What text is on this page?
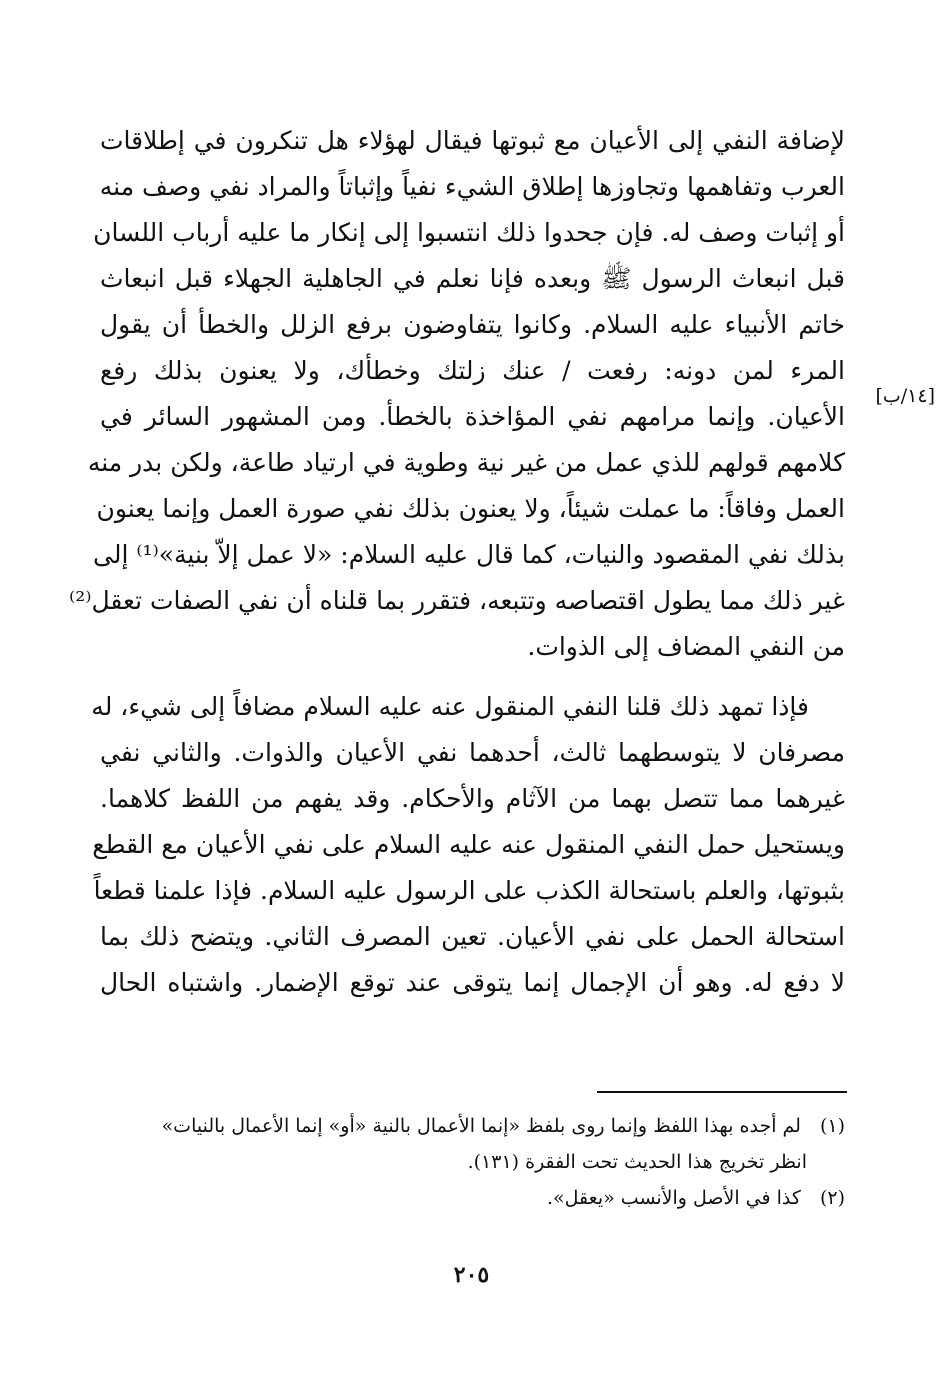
لإضافة النفي إلى الأعيان مع ثبوتها فيقال لهؤلاء هل تنكرون في إطلاقات
العرب وتفاهمها وتجاوزها إطلاق الشيء نفياً وإثباتاً والمراد نفي وصف منه
أو إثبات وصف له. فإن جحدوا ذلك انتسبوا إلى إنكار ما عليه أرباب اللسان
قبل انبعاث الرسول ﷺ وبعده فإنا نعلم في الجاهلية الجهلاء قبل انبعاث
خاتم الأنبياء عليه السلام. وكانوا يتفاوضون برفع الزلل والخطأ أن يقول
المرء لمن دونه: رفعت / عنك زلتك وخطأك، ولا يعنون بذلك رفع
الأعيان. وإنما مرامهم نفي المؤاخذة بالخطأ. ومن المشهور السائر في
كلامهم قولهم للذي عمل من غير نية وطوية في ارتياد طاعة، ولكن بدر منه
العمل وفاقاً: ما عملت شيئاً، ولا يعنون بذلك نفي صورة العمل وإنما يعنون
بذلك نفي المقصود والنيات، كما قال عليه السلام: «لا عمل إلاّ بنية»⁽¹⁾ إلى
غير ذلك مما يطول اقتصاصه وتتبعه، فتقرر بما قلناه أن نفي الصفات تعقل⁽²⁾
من النفي المضاف إلى الذوات.
فإذا تمهد ذلك قلنا النفي المنقول عنه عليه السلام مضافاً إلى شيء، له
مصرفان لا يتوسطهما ثالث، أحدهما نفي الأعيان والذوات. والثاني نفي
غيرهما مما تتصل بهما من الآثام والأحكام. وقد يفهم من اللفظ كلاهما.
ويستحيل حمل النفي المنقول عنه عليه السلام على نفي الأعيان مع القطع
بثبوتها، والعلم باستحالة الكذب على الرسول عليه السلام. فإذا علمنا قطعاً
استحالة الحمل على نفي الأعيان. تعين المصرف الثاني. ويتضح ذلك بما
لا دفع له. وهو أن الإجمال إنما يتوقى عند توقع الإضمار. واشتباه الحال
[١٤/ب]
(١) لم أجده بهذا اللفظ وإنما روى بلفظ «إنما الأعمال بالنية «أو» إنما الأعمال بالنيات»
انظر تخريج هذا الحديث تحت الفقرة (١٣١).
(٢) كذا في الأصل والأنسب «يعقل».
٢٠٥
